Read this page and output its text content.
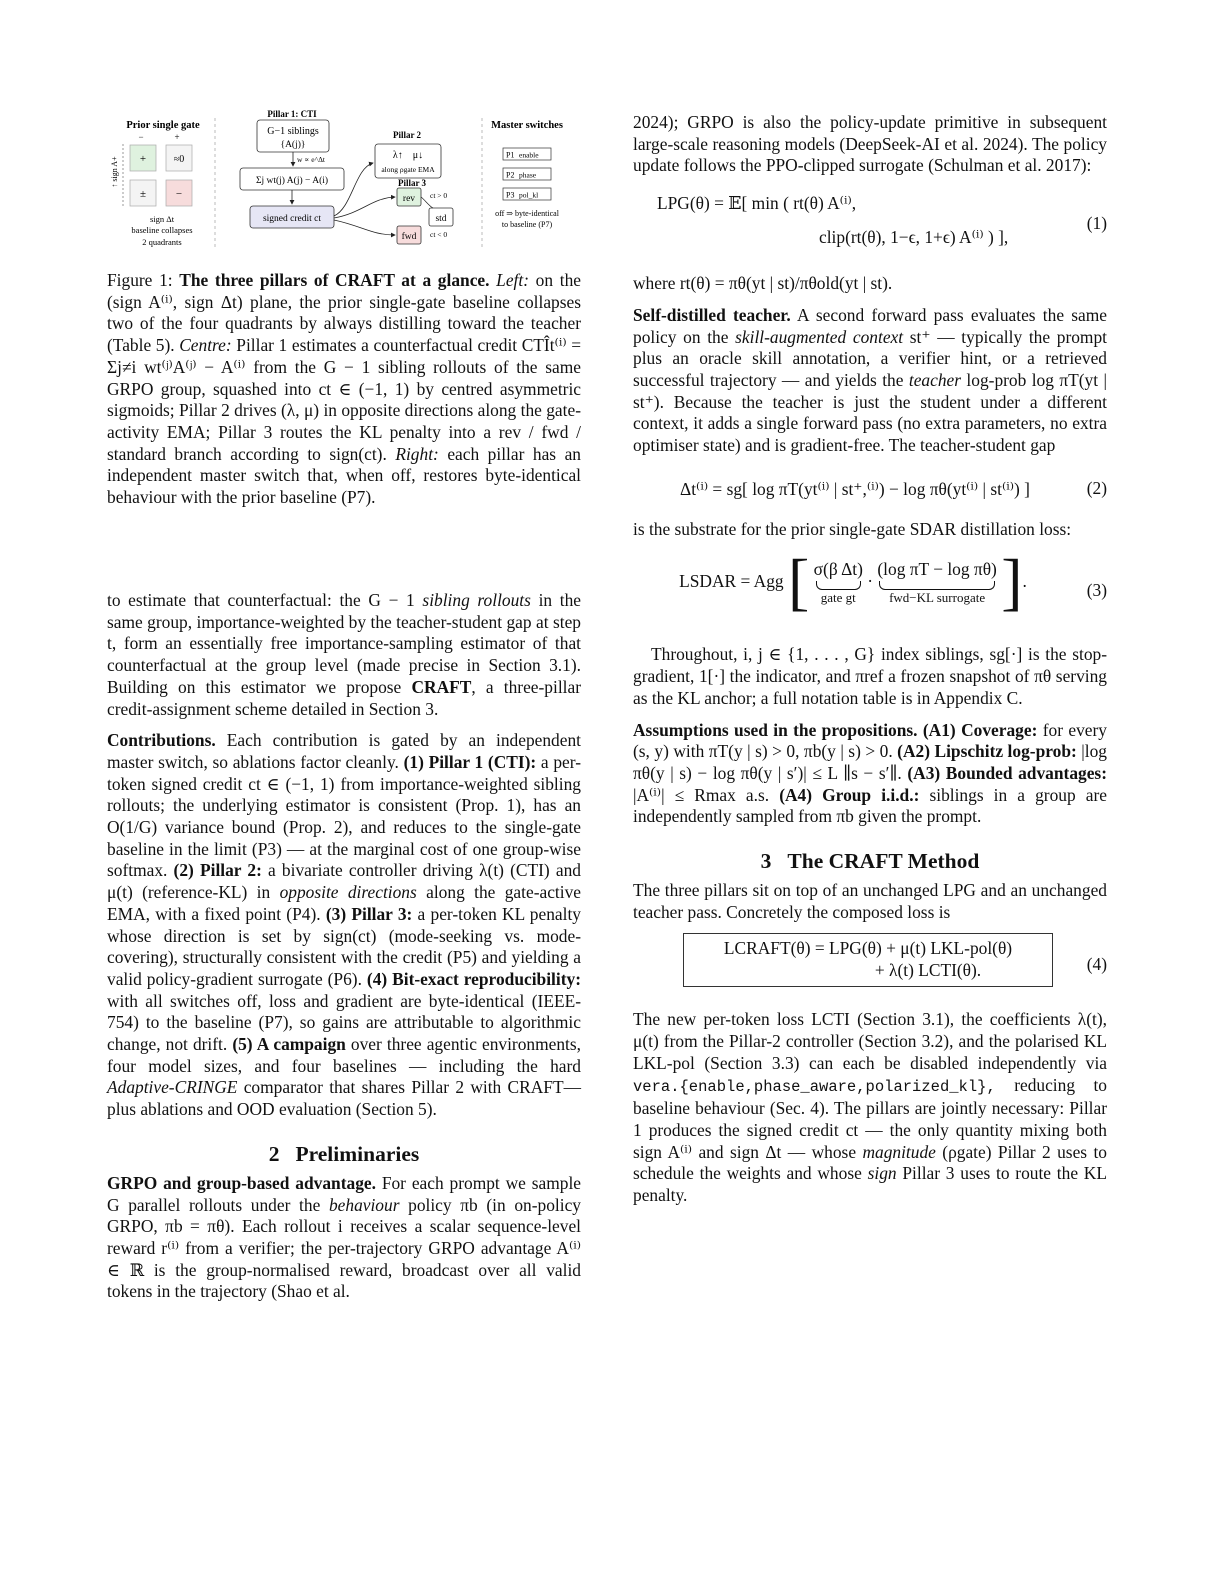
Prior single gate
−	+
↑ sign A+ +	≈0
±	−
sign Δt
baseline collapses
2 quadrants
Pillar 1: CTI
G−1 siblings
{A(j)}
w ∝ e^Δt
Σj wt(j) A(j) − A(i)
signed credit ct
Pillar 2
λ↑    μ↓
along ρgate EMA
Pillar 3
rev
std
fwd
ct > 0
ct < 0
Master switches
P1 enable
P2 phase
P3 pol_kl
off ⇒ byte-identical
to baseline (P7)

Figure 1: The three pillars of CRAFT at a glance. Left: on the (sign A⁽ⁱ⁾, sign Δt) plane, the prior single-gate baseline collapses two of the four quadrants by always distilling toward the teacher (Table 5). Centre: Pillar 1 estimates a counterfactual credit CTÎt⁽ⁱ⁾ = Σj≠i wt⁽ʲ⁾A⁽ʲ⁾ − A⁽ⁱ⁾ from the G − 1 sibling rollouts of the same GRPO group, squashed into ct ∈ (−1, 1) by centred asymmetric sigmoids; Pillar 2 drives (λ, μ) in opposite directions along the gate-activity EMA; Pillar 3 routes the KL penalty into a rev / fwd / standard branch according to sign(ct). Right: each pillar has an independent master switch that, when off, restores byte-identical behaviour with the prior baseline (P7).

to estimate that counterfactual: the G − 1 sibling rollouts in the same group, importance-weighted by the teacher-student gap at step t, form an essentially free importance-sampling estimator of that counterfactual at the group level (made precise in Section 3.1). Building on this estimator we propose CRAFT, a three-pillar credit-assignment scheme detailed in Section 3.

Contributions. Each contribution is gated by an independent master switch, so ablations factor cleanly. (1) Pillar 1 (CTI): a per-token signed credit ct ∈ (−1, 1) from importance-weighted sibling rollouts; the underlying estimator is consistent (Prop. 1), has an O(1/G) variance bound (Prop. 2), and reduces to the single-gate baseline in the limit (P3) — at the marginal cost of one group-wise softmax. (2) Pillar 2: a bivariate controller driving λ(t) (CTI) and μ(t) (reference-KL) in opposite directions along the gate-active EMA, with a fixed point (P4). (3) Pillar 3: a per-token KL penalty whose direction is set by sign(ct) (mode-seeking vs. mode-covering), structurally consistent with the credit (P5) and yielding a valid policy-gradient surrogate (P6). (4) Bit-exact reproducibility: with all switches off, loss and gradient are byte-identical (IEEE-754) to the baseline (P7), so gains are attributable to algorithmic change, not drift. (5) A campaign over three agentic environments, four model sizes, and four baselines — including the hard Adaptive-CRINGE comparator that shares Pillar 2 with CRAFT— plus ablations and OOD evaluation (Section 5).

2 Preliminaries

GRPO and group-based advantage. For each prompt we sample G parallel rollouts under the behaviour policy πb (in on-policy GRPO, πb = πθ). Each rollout i receives a scalar sequence-level reward r⁽ⁱ⁾ from a verifier; the per-trajectory GRPO advantage A⁽ⁱ⁾ ∈ ℝ is the group-normalised reward, broadcast over all valid tokens in the trajectory (Shao et al.

2024); GRPO is also the policy-update primitive in subsequent large-scale reasoning models (DeepSeek-AI et al. 2024). The policy update follows the PPO-clipped surrogate (Schulman et al. 2017):

LPG(θ) = 𝔼[ min ( rt(θ) A⁽ⁱ⁾,
clip(rt(θ), 1−ϵ, 1+ϵ) A⁽ⁱ⁾ ) ],
(1)

where rt(θ) = πθ(yt | st)/πθold(yt | st).

Self-distilled teacher. A second forward pass evaluates the same policy on the skill-augmented context st⁺ — typically the prompt plus an oracle skill annotation, a verifier hint, or a retrieved successful trajectory — and yields the teacher log-prob log πT(yt | st⁺). Because the teacher is just the student under a different context, it adds a single forward pass (no extra parameters, no extra optimiser state) and is gradient-free. The teacher-student gap

Δt⁽ⁱ⁾ = sg[ log πT(yt⁽ⁱ⁾ | st⁺,⁽ⁱ⁾) − log πθ(yt⁽ⁱ⁾ | st⁽ⁱ⁾) ]	(2)

is the substrate for the prior single-gate SDAR distillation loss:

LSDAR = Agg [ σ(β Δt)
gate gt
· (log πT − log πθ)
fwd−KL surrogate ].	(3)

Throughout, i, j ∈ {1, . . . , G} index siblings, sg[·] is the stop-gradient, 1[·] the indicator, and πref a frozen snapshot of πθ serving as the KL anchor; a full notation table is in Appendix C.

Assumptions used in the propositions. (A1) Coverage: for every (s, y) with πT(y | s) > 0, πb(y | s) > 0. (A2) Lipschitz log-prob: |log πθ(y | s) − log πθ(y | s′)| ≤ L ∥s − s′∥. (A3) Bounded advantages: |A⁽ⁱ⁾| ≤ Rmax a.s. (A4) Group i.i.d.: siblings in a group are independently sampled from πb given the prompt.

3 The CRAFT Method

The three pillars sit on top of an unchanged LPG and an unchanged teacher pass. Concretely the composed loss is

LCRAFT(θ) = LPG(θ) + μ(t) LKL-pol(θ)
+ λ(t) LCTI(θ).	(4)

The new per-token loss LCTI (Section 3.1), the coefficients λ(t), μ(t) from the Pillar-2 controller (Section 3.2), and the polarised KL LKL-pol (Section 3.3) can each be disabled independently via vera.{enable,phase_aware,polarized_kl}, reducing to baseline behaviour (Sec. 4). The pillars are jointly necessary: Pillar 1 produces the signed credit ct — the only quantity mixing both sign A⁽ⁱ⁾ and sign Δt — whose magnitude (ρgate) Pillar 2 uses to schedule the weights and whose sign Pillar 3 uses to route the KL penalty.
